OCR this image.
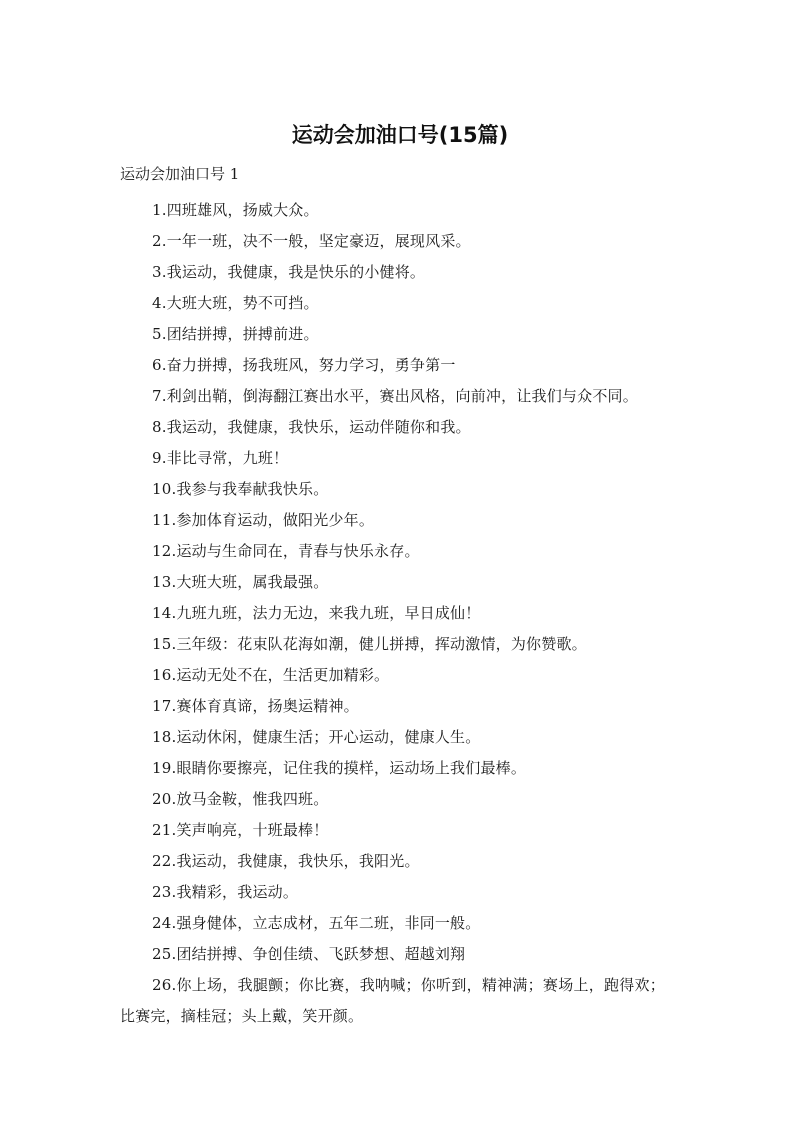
运动会加油口号(15篇)
运动会加油口号 1
1.四班雄风，扬威大众。
2.一年一班，决不一般，坚定豪迈，展现风采。
3.我运动，我健康，我是快乐的小健将。
4.大班大班，势不可挡。
5.团结拼搏，拼搏前进。
6.奋力拼搏，扬我班风，努力学习，勇争第一
7.利剑出鞘，倒海翻江赛出水平，赛出风格，向前冲，让我们与众不同。
8.我运动，我健康，我快乐，运动伴随你和我。
9.非比寻常，九班！
10.我参与我奉献我快乐。
11.参加体育运动，做阳光少年。
12.运动与生命同在，青春与快乐永存。
13.大班大班，属我最强。
14.九班九班，法力无边，来我九班，早日成仙！
15.三年级：花束队花海如潮，健儿拼搏，挥动激情，为你赞歌。
16.运动无处不在，生活更加精彩。
17.赛体育真谛，扬奥运精神。
18.运动休闲，健康生活；开心运动，健康人生。
19.眼睛你要擦亮，记住我的摸样，运动场上我们最棒。
20.放马金鞍，惟我四班。
21.笑声响亮，十班最棒！
22.我运动，我健康，我快乐，我阳光。
23.我精彩，我运动。
24.强身健体，立志成材，五年二班，非同一般。
25.团结拼搏、争创佳绩、飞跃梦想、超越刘翔
26.你上场，我腿颤；你比赛，我呐喊；你听到，精神满；赛场上，跑得欢；比赛完，摘桂冠；头上戴，笑开颜。
